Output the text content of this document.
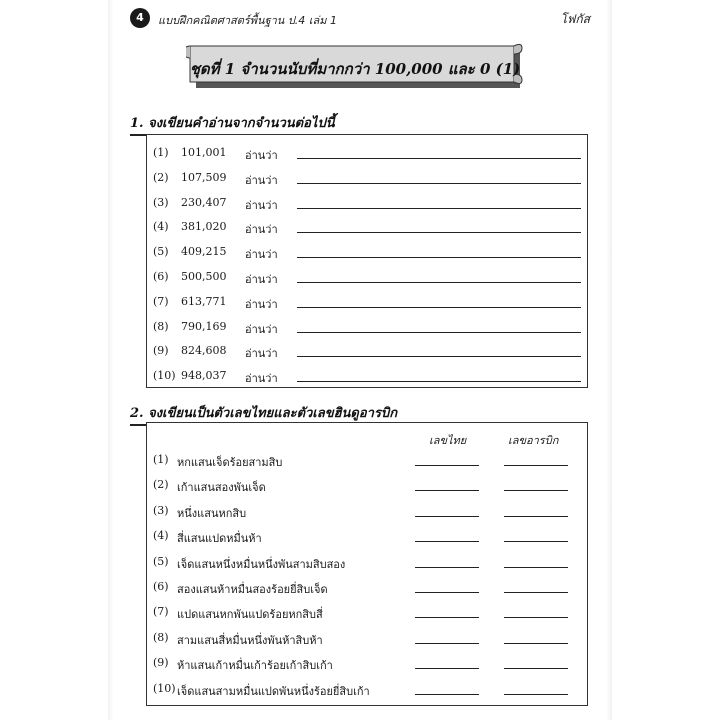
4	แบบฝึกคณิตศาสตร์พื้นฐาน ป.4 เล่ม 1	โฟกัส
ชุดที่ 1 จำนวนนับที่มากกว่า 100,000 และ 0 (1)
1. จงเขียนคำอ่านจากจำนวนต่อไปนี้
(1) 101,001 อ่านว่า
(2) 107,509 อ่านว่า
(3) 230,407 อ่านว่า
(4) 381,020 อ่านว่า
(5) 409,215 อ่านว่า
(6) 500,500 อ่านว่า
(7) 613,771 อ่านว่า
(8) 790,169 อ่านว่า
(9) 824,608 อ่านว่า
(10) 948,037 อ่านว่า
2. จงเขียนเป็นตัวเลขไทยและตัวเลขฮินดูอารบิก
เลขไทย	เลขอารบิก
(1) หกแสนเจ็ดร้อยสามสิบ
(2) เก้าแสนสองพันเจ็ด
(3) หนึ่งแสนหกสิบ
(4) สี่แสนแปดหมื่นห้า
(5) เจ็ดแสนหนึ่งหมื่นหนึ่งพันสามสิบสอง
(6) สองแสนห้าหมื่นสองร้อยยี่สิบเจ็ด
(7) แปดแสนหกพันแปดร้อยหกสิบสี่
(8) สามแสนสี่หมื่นหนึ่งพันห้าสิบห้า
(9) ห้าแสนเก้าหมื่นเก้าร้อยเก้าสิบเก้า
(10) เจ็ดแสนสามหมื่นแปดพันหนึ่งร้อยยี่สิบเก้า
